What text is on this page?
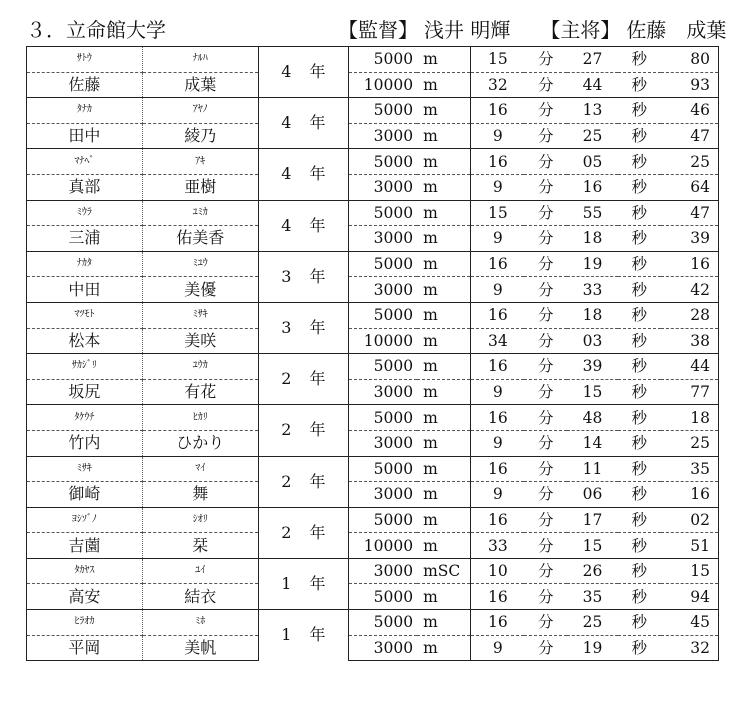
３．立命館大学	【監督】 浅井 明輝 【主将】 佐藤　成葉
ｻﾄｳ	ﾅﾙﾊ	4 年	5000	m	15	分	27	秒	80
佐藤	成葉		10000	m	32	分	44	秒	93
ﾀﾅｶ	ｱﾔﾉ	4 年	5000	m	16	分	13	秒	46
田中	綾乃		3000	m	9	分	25	秒	47
ﾏﾅﾍﾞ	ｱｷ	4 年	5000	m	16	分	05	秒	25
真部	亜樹		3000	m	9	分	16	秒	64
ﾐｳﾗ	ﾕﾐｶ	4 年	5000	m	15	分	55	秒	47
三浦	佑美香		3000	m	9	分	18	秒	39
ﾅｶﾀ	ﾐﾕｳ	3 年	5000	m	16	分	19	秒	16
中田	美優		3000	m	9	分	33	秒	42
ﾏﾂﾓﾄ	ﾐｻｷ	3 年	5000	m	16	分	18	秒	28
松本	美咲		10000	m	34	分	03	秒	38
ｻｶｼﾞﾘ	ﾕｳｶ	2 年	5000	m	16	分	39	秒	44
坂尻	有花		3000	m	9	分	15	秒	77
ﾀｹｳﾁ	ﾋｶﾘ	2 年	5000	m	16	分	48	秒	18
竹内	ひかり		3000	m	9	分	14	秒	25
ﾐｻｷ	ﾏｲ	2 年	5000	m	16	分	11	秒	35
御崎	舞		3000	m	9	分	06	秒	16
ﾖｼｿﾞﾉ	ｼｵﾘ	2 年	5000	m	16	分	17	秒	02
吉薗	栞		10000	m	33	分	15	秒	51
ﾀｶﾔｽ	ﾕｲ	1 年	3000	mSC	10	分	26	秒	15
高安	結衣		5000	m	16	分	35	秒	94
ﾋﾗｵｶ	ﾐﾎ	1 年	5000	m	16	分	25	秒	45
平岡	美帆		3000	m	9	分	19	秒	32
